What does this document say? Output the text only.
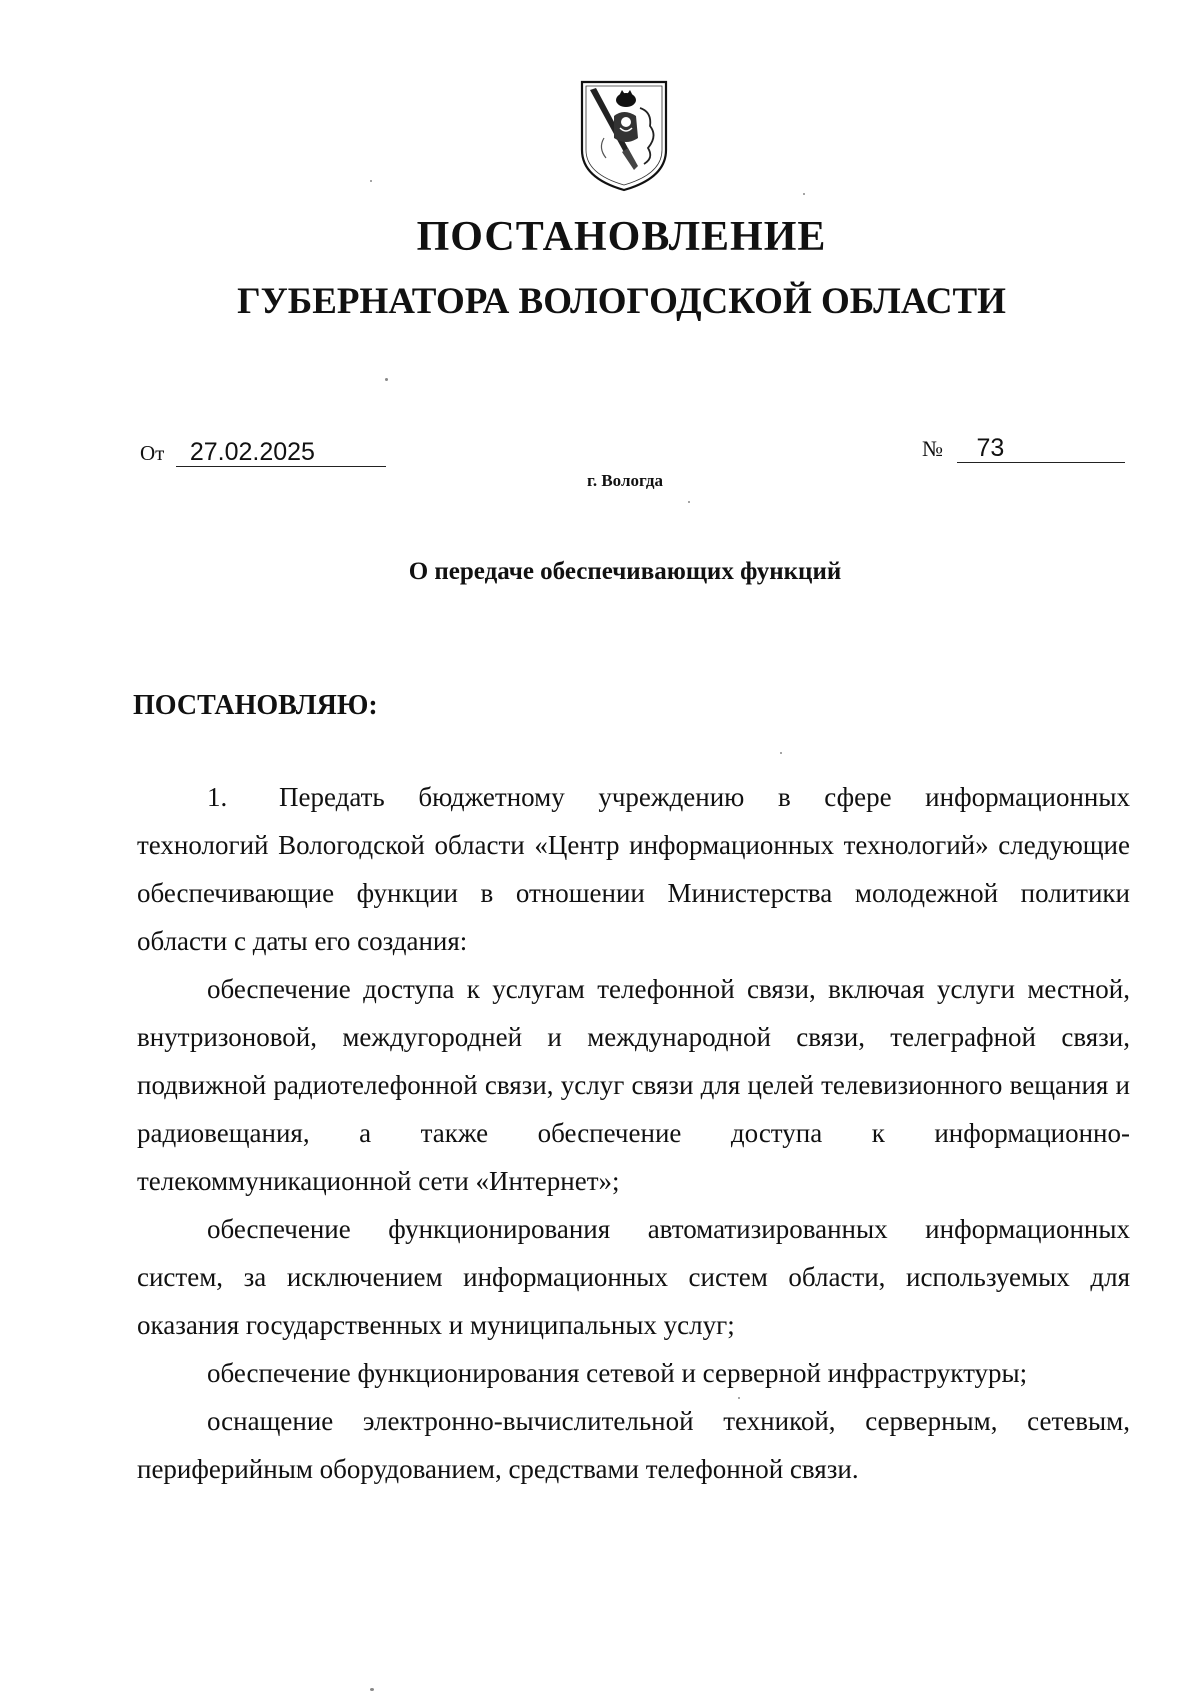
ПОСТАНОВЛЕНИЕ
ГУБЕРНАТОРА ВОЛОГОДСКОЙ ОБЛАСТИ
От 27.02.2025	№ 73

г. Вологда

О передаче обеспечивающих функций

ПОСТАНОВЛЯЮ:

1. Передать бюджетному учреждению в сфере информационных технологий Вологодской области «Центр информационных технологий» следующие обеспечивающие функции в отношении Министерства молодежной политики области с даты его создания:

обеспечение доступа к услугам телефонной связи, включая услуги местной, внутризоновой, междугородней и международной связи, телеграфной связи, подвижной радиотелефонной связи, услуг связи для целей телевизионного вещания и радиовещания, а также обеспечение доступа к информационно-телекоммуникационной сети «Интернет»;

обеспечение функционирования автоматизированных информационных систем, за исключением информационных систем области, используемых для оказания государственных и муниципальных услуг;

обеспечение функционирования сетевой и серверной инфраструктуры;

оснащение электронно-вычислительной техникой, серверным, сетевым, периферийным оборудованием, средствами телефонной связи.
